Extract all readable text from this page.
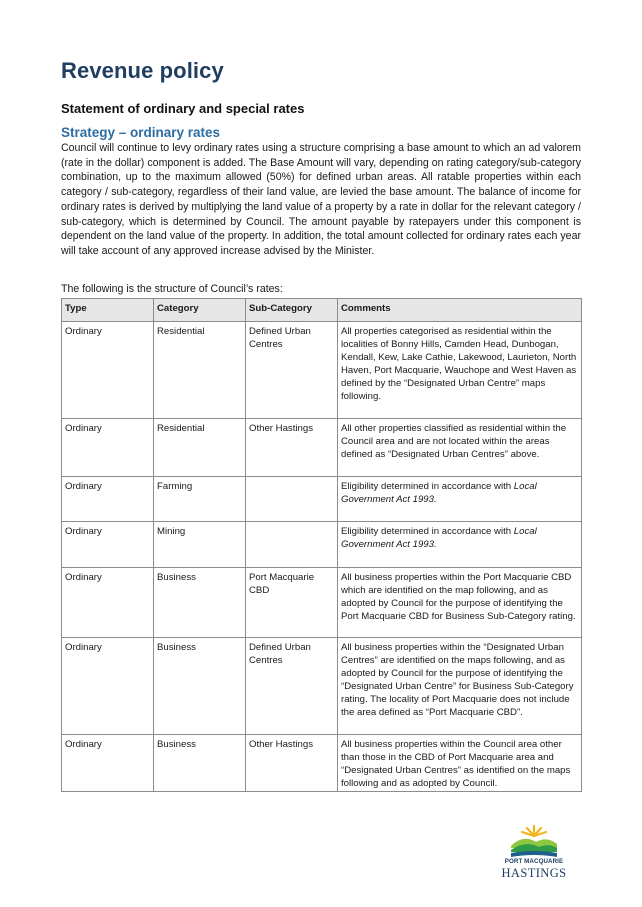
Revenue policy
Statement of ordinary and special rates
Strategy – ordinary rates

Council will continue to levy ordinary rates using a structure comprising a base amount to which an ad valorem (rate in the dollar) component is added. The Base Amount will vary, depending on rating category/sub-category combination, up to the maximum allowed (50%) for defined urban areas. All ratable properties within each category / sub-category, regardless of their land value, are levied the base amount. The balance of income for ordinary rates is derived by multiplying the land value of a property by a rate in dollar for the relevant category / sub-category, which is determined by Council. The amount payable by ratepayers under this component is dependent on the land value of the property. In addition, the total amount collected for ordinary rates each year will take account of any approved increase advised by the Minister.

The following is the structure of Council’s rates:

Type	Category	Sub-Category	Comments
Ordinary	Residential	Defined Urban Centres	All properties categorised as residential within the localities of Bonny Hills, Camden Head, Dunbogan, Kendall, Kew, Lake Cathie, Lakewood, Laurieton, North Haven, Port Macquarie, Wauchope and West Haven as defined by the “Designated Urban Centre” maps following.
Ordinary	Residential	Other Hastings	All other properties classified as residential within the Council area and are not located within the areas defined as “Designated Urban Centres” above.
Ordinary	Farming		Eligibility determined in accordance with Local Government Act 1993.
Ordinary	Mining		Eligibility determined in accordance with Local Government Act 1993.
Ordinary	Business	Port Macquarie CBD	All business properties within the Port Macquarie CBD which are identified on the map following, and as adopted by Council for the purpose of identifying the Port Macquarie CBD for Business Sub-Category rating.
Ordinary	Business	Defined Urban Centres	All business properties within the “Designated Urban Centres” are identified on the maps following, and as adopted by Council for the purpose of identifying the “Designated Urban Centre” for Business Sub-Category rating. The locality of Port Macquarie does not include the area defined as “Port Macquarie CBD”.
Ordinary	Business	Other Hastings	All business properties within the Council area other than those in the CBD of Port Macquarie area and “Designated Urban Centres” as identified on the maps following and as adopted by Council.
PORT MACQUARIE
HASTINGS
